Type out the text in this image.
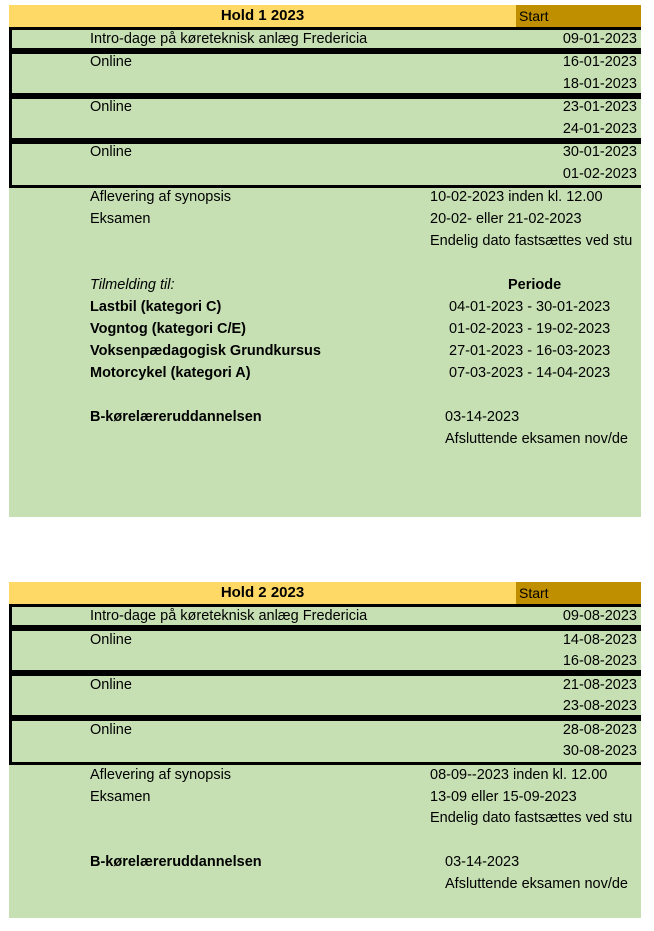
Hold 1 2023	Start
Intro-dage på køreteknisk anlæg Fredericia	09-01-2023
Online	16-01-2023
18-01-2023
Online	23-01-2023
24-01-2023
Online	30-01-2023
01-02-2023
Aflevering af synopsis	10-02-2023 inden kl. 12.00
Eksamen	20-02- eller 21-02-2023
Endelig dato fastsættes ved stu
Tilmelding til:	Periode
Lastbil (kategori C)	04-01-2023 - 30-01-2023
Vogntog (kategori C/E)	01-02-2023 - 19-02-2023
Voksenpædagogisk Grundkursus	27-01-2023 - 16-03-2023
Motorcykel (kategori A)	07-03-2023 - 14-04-2023
B-kørelæreruddannelsen	03-14-2023
Afsluttende eksamen nov/de
Hold 2 2023	Start
Intro-dage på køreteknisk anlæg Fredericia	09-08-2023
Online	14-08-2023
16-08-2023
Online	21-08-2023
23-08-2023
Online	28-08-2023
30-08-2023
Aflevering af synopsis	08-09--2023 inden kl. 12.00
Eksamen	13-09 eller 15-09-2023
Endelig dato fastsættes ved stu
B-kørelæreruddannelsen	03-14-2023
Afsluttende eksamen nov/de
